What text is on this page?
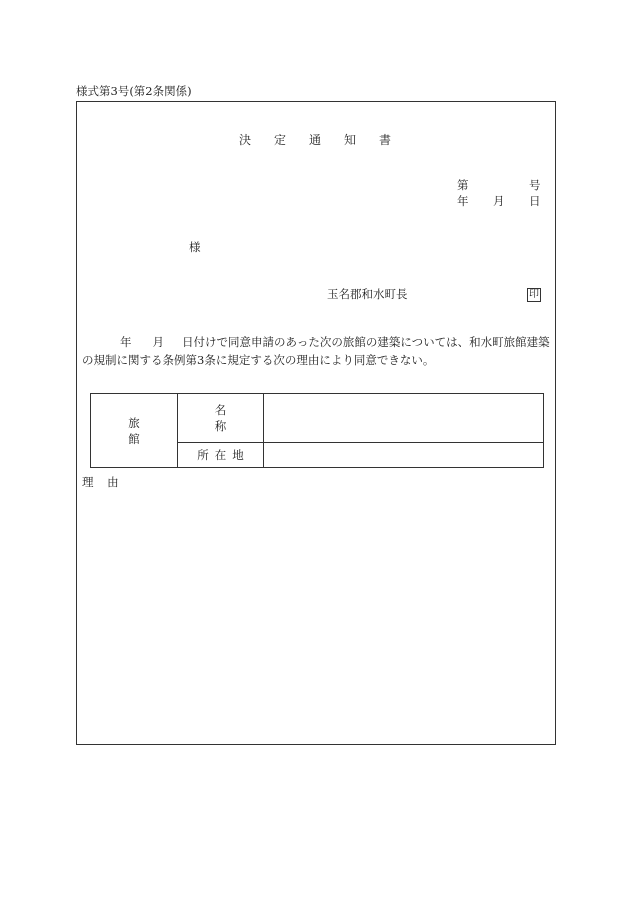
様式第3号(第2条関係)
決定通知書
第	号
年 月 日
様
玉名郡和水町長	印
年 月 日付けで同意申請のあった次の旅館の建築については、和水町旅館建築の規制に関する条例第3条に規定する次の理由により同意できない。
旅館	名称	
	所在地	
理 由
